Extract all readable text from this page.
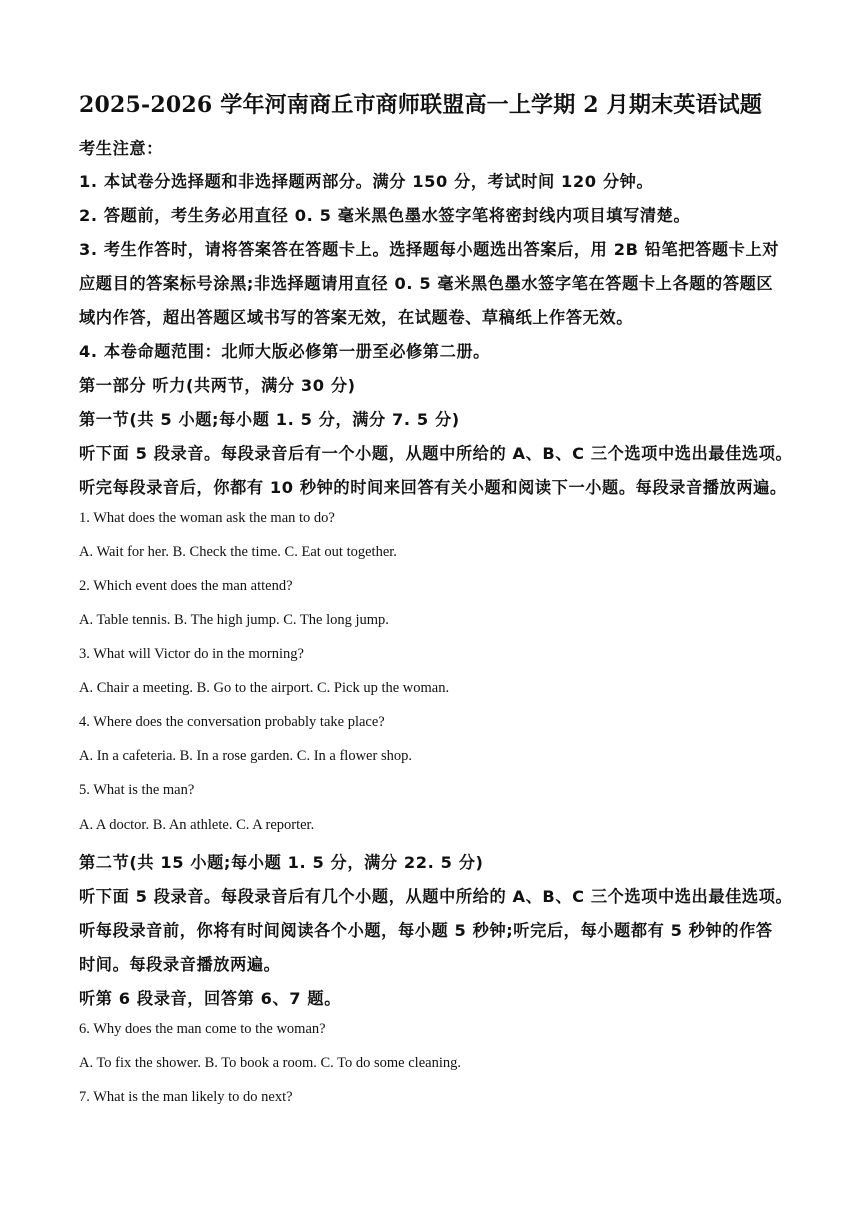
2025-2026 学年河南商丘市商师联盟高一上学期 2 月期末英语试题
考生注意：
1. 本试卷分选择题和非选择题两部分。满分 150 分，考试时间 120 分钟。
2. 答题前，考生务必用直径 0. 5 毫米黑色墨水签字笔将密封线内项目填写清楚。
3. 考生作答时，请将答案答在答题卡上。选择题每小题选出答案后，用 2B 铅笔把答题卡上对
应题目的答案标号涂黑;非选择题请用直径 0. 5 毫米黑色墨水签字笔在答题卡上各题的答题区
域内作答，超出答题区域书写的答案无效，在试题卷、草稿纸上作答无效。
4. 本卷命题范围：北师大版必修第一册至必修第二册。
第一部分 听力(共两节，满分 30 分)
第一节(共 5 小题;每小题 1. 5 分，满分 7. 5 分)
听下面 5 段录音。每段录音后有一个小题，从题中所给的 A、B、C 三个选项中选出最佳选项。
听完每段录音后，你都有 10 秒钟的时间来回答有关小题和阅读下一小题。每段录音播放两遍。
1. What does the woman ask the man to do?
A. Wait for her. B. Check the time. C. Eat out together.
2. Which event does the man attend?
A. Table tennis. B. The high jump. C. The long jump.
3. What will Victor do in the morning?
A. Chair a meeting. B. Go to the airport. C. Pick up the woman.
4. Where does the conversation probably take place?
A. In a cafeteria. B. In a rose garden. C. In a flower shop.
5. What is the man?
A. A doctor. B. An athlete. C. A reporter.
第二节(共 15 小题;每小题 1. 5 分，满分 22. 5 分)
听下面 5 段录音。每段录音后有几个小题，从题中所给的 A、B、C 三个选项中选出最佳选项。
听每段录音前，你将有时间阅读各个小题，每小题 5 秒钟;听完后，每小题都有 5 秒钟的作答
时间。每段录音播放两遍。
听第 6 段录音，回答第 6、7 题。
6. Why does the man come to the woman?
A. To fix the shower. B. To book a room. C. To do some cleaning.
7. What is the man likely to do next?
